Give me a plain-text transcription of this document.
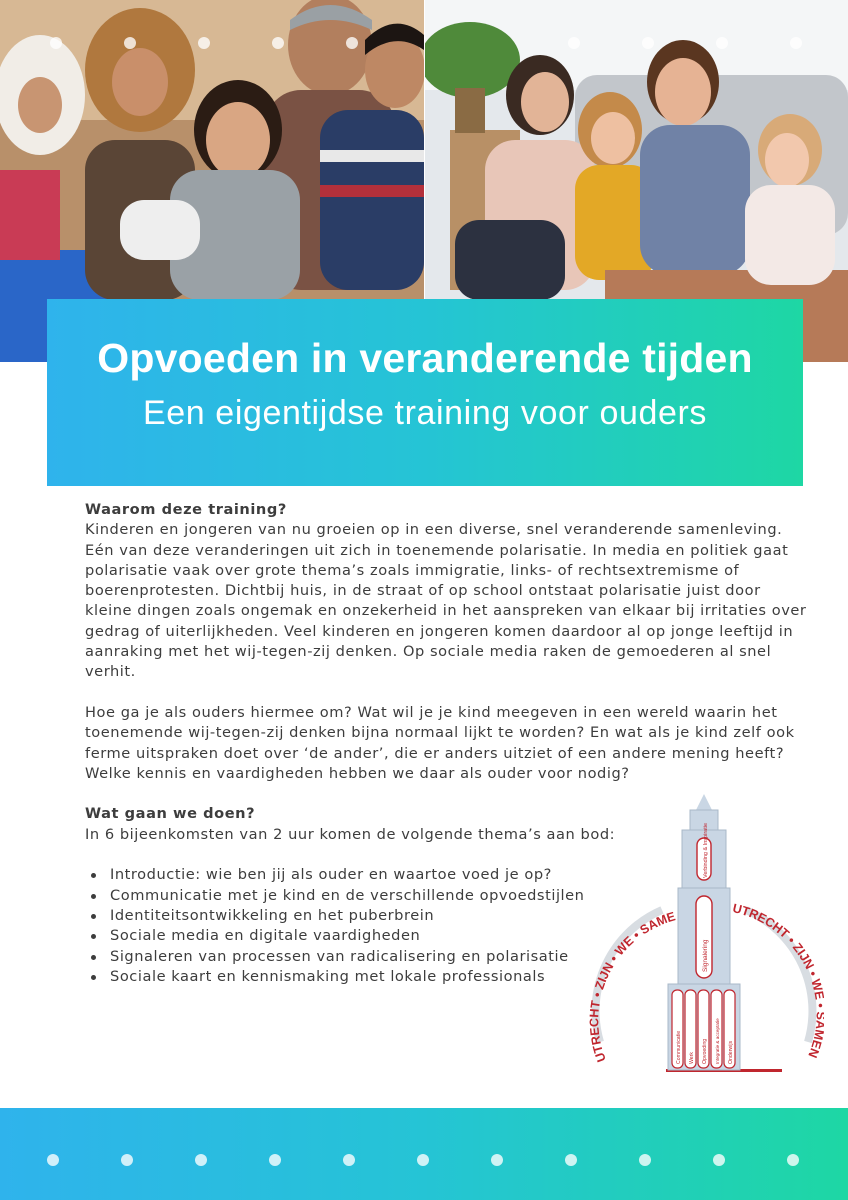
Opvoeden in veranderende tijden
Een eigentijdse training voor ouders
Waarom deze training?

Kinderen en jongeren van nu groeien op in een diverse, snel veranderende samenleving. Eén van deze veranderingen uit zich in toenemende polarisatie. In media en politiek gaat polarisatie vaak over grote thema’s zoals immigratie, links- of rechtsextremisme of boerenprotesten. Dichtbij huis, in de straat of op school ontstaat polarisatie juist door kleine dingen zoals ongemak en onzekerheid in het aanspreken van elkaar bij irritaties over gedrag of uiterlijkheden. Veel kinderen en jongeren komen daardoor al op jonge leeftijd in aanraking met het wij-tegen-zij denken. Op sociale media raken de gemoederen al snel verhit.

Hoe ga je als ouders hiermee om? Wat wil je je kind meegeven in een wereld waarin het toenemende wij-tegen-zij denken bijna normaal lijkt te worden? En wat als je kind zelf ook ferme uitspraken doet over ‘de ander’, die er anders uitziet of een andere mening heeft? Welke kennis en vaardigheden hebben we daar als ouder voor nodig?

Wat gaan we doen?
In 6 bijeenkomsten van 2 uur komen de volgende thema’s aan bod:
Introductie: wie ben jij als ouder en waartoe voed je op?
Communicatie met je kind en de verschillende opvoedstijlen
Identiteitsontwikkeling en het puberbrein
Sociale media en digitale vaardigheden
Signaleren van processen van radicalisering en polarisatie
Sociale kaart en kennismaking met lokale professionals
Verbinding & Inspiratie
Signalering
Communicatie Werk Opvoeding Integratie & acceptatie Onderwijs
UTRECHT • ZIJN • WE • SAME
UTRECHT • ZIJN • W EN
